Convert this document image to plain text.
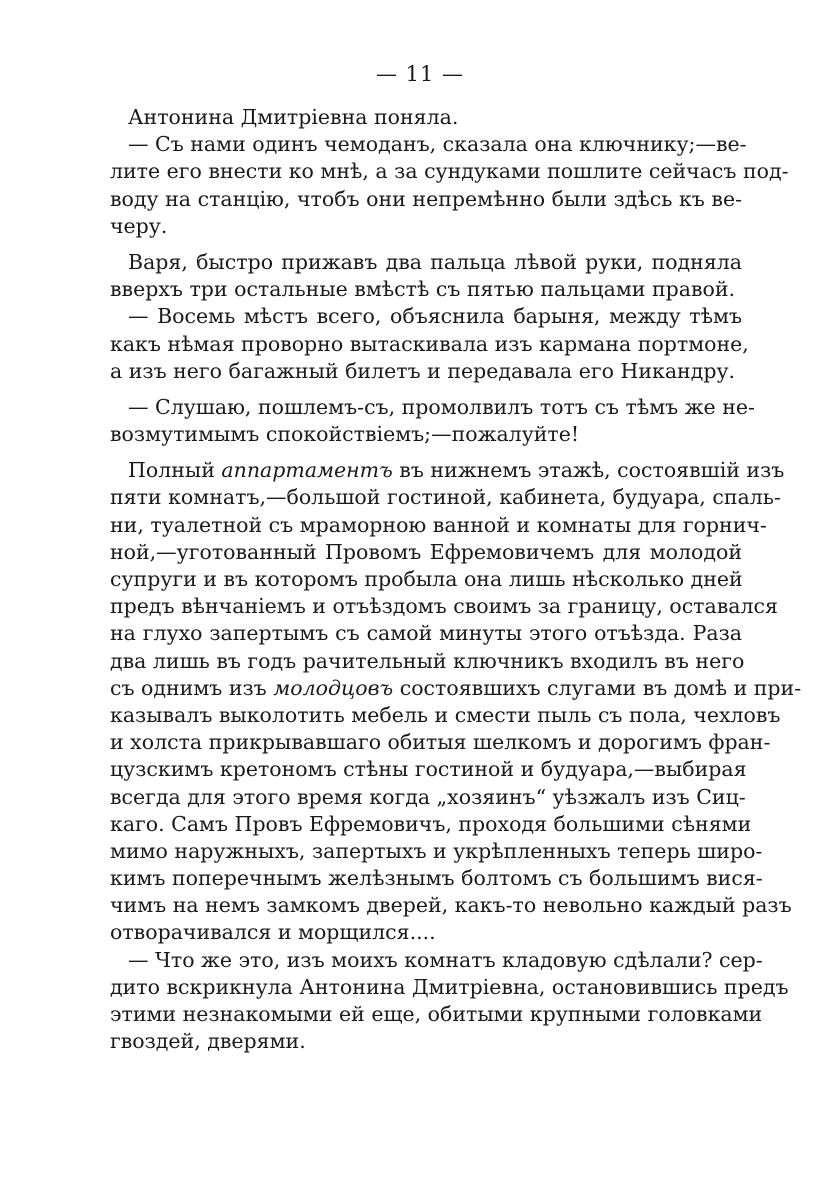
— 11 —
Антонина Дмитріевна поняла.
— Съ нами одинъ чемоданъ, сказала она ключнику;—ве-
лите его внести ко мнѣ, а за сундуками пошлите сейчасъ под-
воду на станцію, чтобъ они непремѣнно были здѣсь къ ве-
черу.
Варя, быстро прижавъ два пальца лѣвой руки, подняла
вверхъ три остальные вмѣстѣ съ пятью пальцами правой.
— Восемь мѣстъ всего, объяснила барыня, между тѣмъ
какъ нѣмая проворно вытаскивала изъ кармана портмоне,
а изъ него багажный билетъ и передавала его Никандру.
— Слушаю, пошлемъ-съ, промолвилъ тотъ съ тѣмъ же не-
возмутимымъ спокойствіемъ;—пожалуйте!
Полный аппартаментъ въ нижнемъ этажѣ, состоявшій изъ
пяти комнатъ,—большой гостиной, кабинета, будуара, спаль-
ни, туалетной съ мраморною ванной и комнаты для горнич-
ной,—уготованный Провомъ Ефремовичемъ для молодой
супруги и въ которомъ пробыла она лишь нѣсколько дней
предъ вѣнчаніемъ и отъѣздомъ своимъ за границу, оставался
на глухо запертымъ съ самой минуты этого отъѣзда. Раза
два лишь въ годъ рачительный ключникъ входилъ въ него
съ однимъ изъ молодцовъ состоявшихъ слугами въ домѣ и при-
казывалъ выколотить мебель и смести пыль съ пола, чехловъ
и холста прикрывавшаго обитыя шелкомъ и дорогимъ фран-
цузскимъ кретономъ стѣны гостиной и будуара,—выбирая
всегда для этого время когда „хозяинъ“ уѣзжалъ изъ Сиц-
каго. Самъ Провъ Ефремовичъ, проходя большими сѣнями
мимо наружныхъ, запертыхъ и укрѣпленныхъ теперь широ-
кимъ поперечнымъ желѣзнымъ болтомъ съ большимъ вися-
чимъ на немъ замкомъ дверей, какъ-то невольно каждый разъ
отворачивался и морщился....
— Что же это, изъ моихъ комнатъ кладовую сдѣлали? сер-
дито вскрикнула Антонина Дмитріевна, остановившись предъ
этими незнакомыми ей еще, обитыми крупными головками
гвоздей, дверями.
